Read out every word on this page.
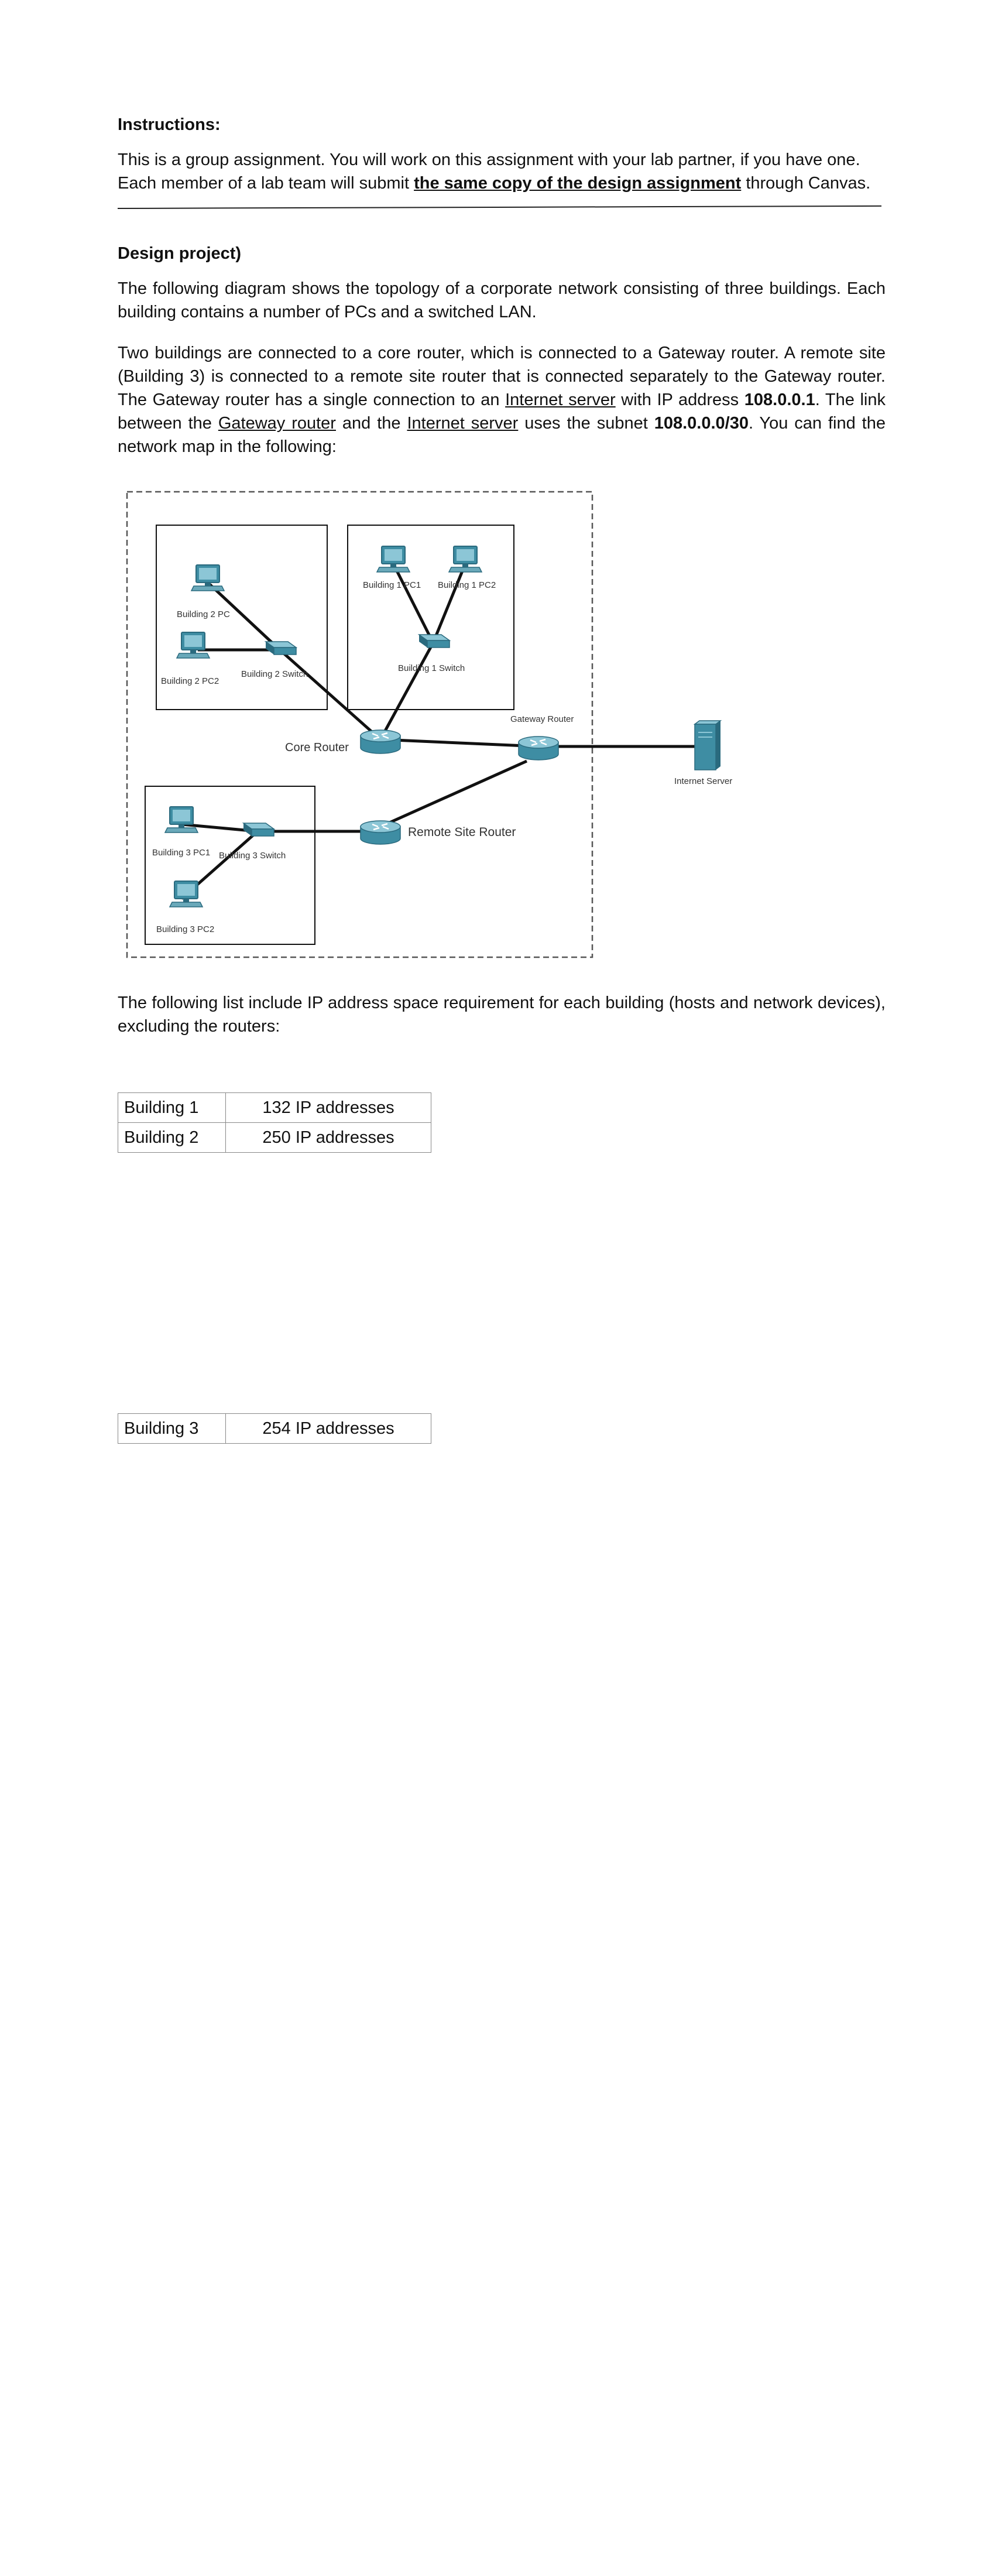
Instructions:
This is a group assignment. You will work on this assignment with your lab partner, if you have one. Each member of a lab team will submit the same copy of the design assignment through Canvas.
Design project)
The following diagram shows the topology of a corporate network consisting of three buildings. Each building contains a number of PCs and a switched LAN.
Two buildings are connected to a core router, which is connected to a Gateway router. A remote site (Building 3) is connected to a remote site router that is connected separately to the Gateway router. The Gateway router has a single connection to an Internet server with IP address 108.0.0.1. The link between the Gateway router and the Internet server uses the subnet 108.0.0.0/30. You can find the network map in the following:
Building 2 PC
Building 2 PC2
Building 2 Switch
Building 1 PC1 Building 1 PC2
Building 1 Switch
Core Router
Gateway Router
Internet Server
Building 3 PC1 Building 3 Switch
Building 3 PC2
Remote Site Router
The following list include IP address space requirement for each building (hosts and network devices), excluding the routers:
Building 1	132 IP addresses
Building 2	250 IP addresses
Building 3	254 IP addresses
